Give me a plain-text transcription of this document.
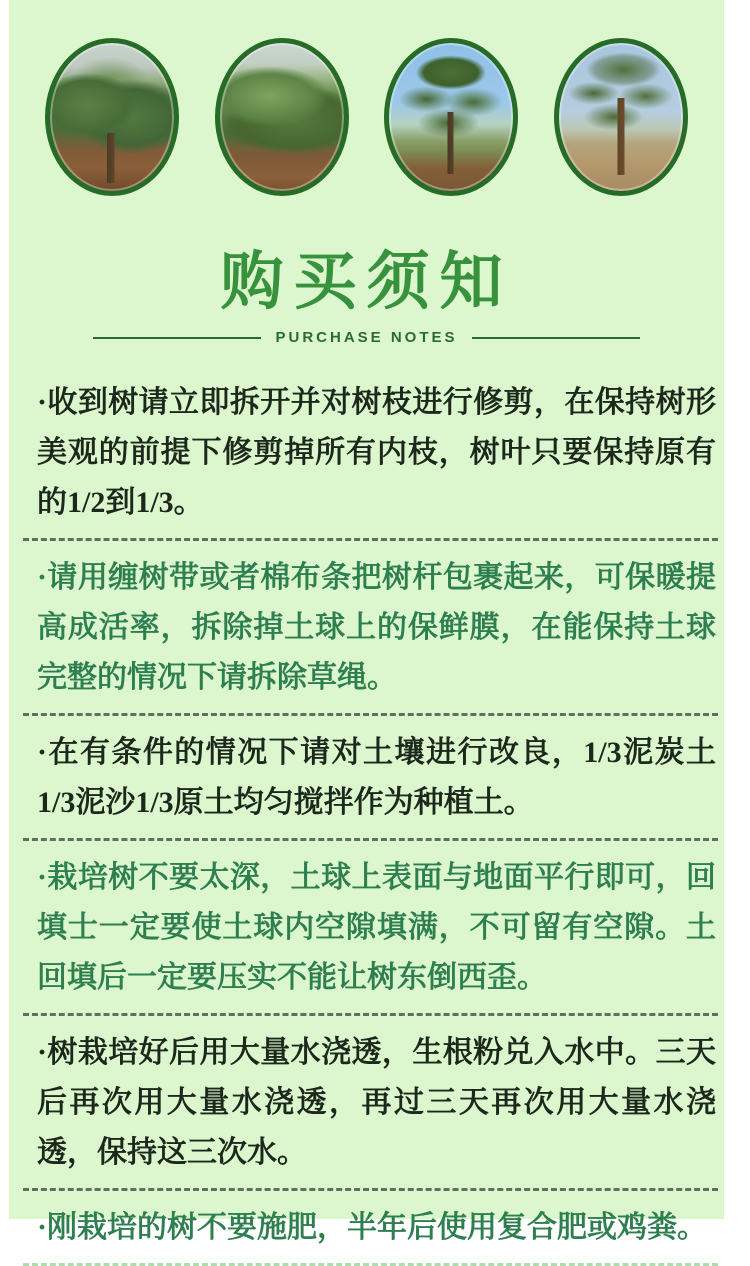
购买须知
PURCHASE NOTES
·收到树请立即拆开并对树枝进行修剪，在保持树形美观的前提下修剪掉所有内枝，树叶只要保持原有的1/2到1/3。
·请用缠树带或者棉布条把树杆包裹起来，可保暖提高成活率，拆除掉土球上的保鲜膜，在能保持土球完整的情况下请拆除草绳。
·在有条件的情况下请对土壤进行改良，1/3泥炭土1/3泥沙1/3原土均匀搅拌作为种植土。
·栽培树不要太深，土球上表面与地面平行即可，回填士一定要使土球内空隙填满，不可留有空隙。土回填后一定要压实不能让树东倒西歪。
·树栽培好后用大量水浇透，生根粉兑入水中。三天后再次用大量水浇透，再过三天再次用大量水浇透，保持这三次水。
·刚栽培的树不要施肥，半年后使用复合肥或鸡粪。
